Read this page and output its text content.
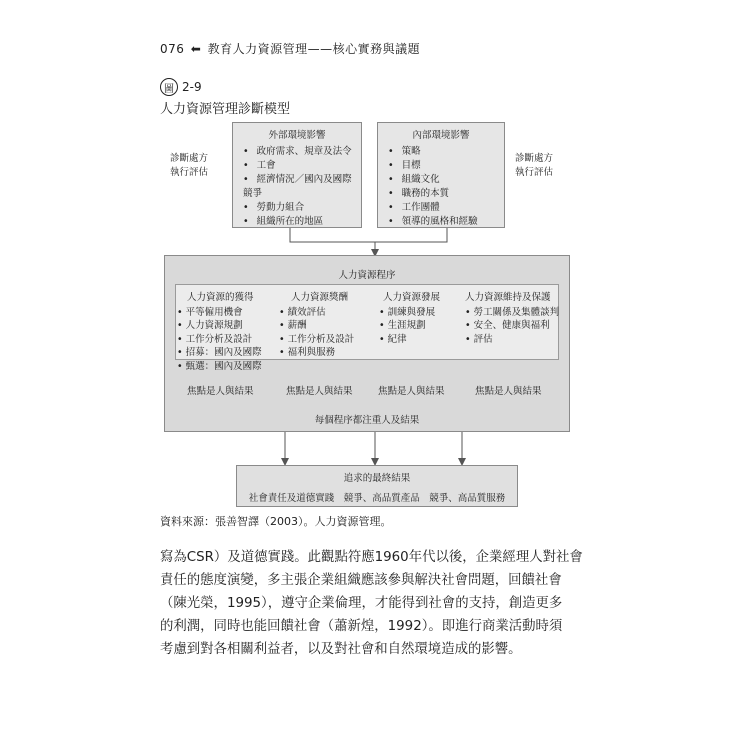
076 ⬅ 教育人力資源管理——核心實務與議題
圖 2-9
人力資源管理診斷模型
診斷處方
執行評估
診斷處方
執行評估
外部環境影響
• 政府需求、規章及法令
• 工會
• 經濟情況／國內及國際競爭
• 勞動力組合
• 組織所在的地區
內部環境影響
• 策略
• 目標
• 組織文化
• 職務的本質
• 工作團體
• 領導的風格和經驗
人力資源程序
人力資源的獲得
• 平等僱用機會
• 人力資源規劃
• 工作分析及設計
• 招募：國內及國際
• 甄選：國內及國際
人力資源獎酬
• 績效評估
• 薪酬
• 工作分析及設計
• 福利與服務
人力資源發展
• 訓練與發展
• 生涯規劃
• 紀律
人力資源維持及保護
• 勞工關係及集體談判
• 安全、健康與福利
• 評估
焦點是人與結果	焦點是人與結果	焦點是人與結果	焦點是人與結果
每個程序都注重人及結果
追求的最終結果
社會責任及道德實踐　競爭、高品質產品　競爭、高品質服務
資料來源：張善智譯（2003）。人力資源管理。

寫為CSR）及道德實踐。此觀點符應1960年代以後，企業經理人對社會

責任的態度演變，多主張企業組織應該參與解決社會問題，回饋社會

（陳光榮，1995），遵守企業倫理，才能得到社會的支持，創造更多

的利潤，同時也能回饋社會（蕭新煌，1992）。即進行商業活動時須

考慮到對各相關利益者，以及對社會和自然環境造成的影響。
